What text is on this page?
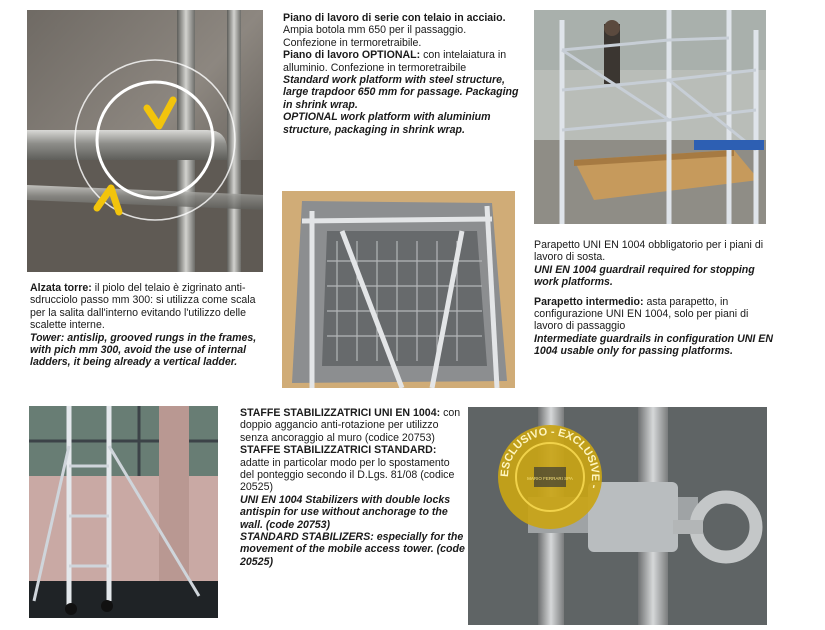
Piano di lavoro di serie con telaio in acciaio. Ampia botola mm 650 per il passaggio. Confezione in termoretraibile.

Piano di lavoro OPTIONAL: con intelaiatura in alluminio. Confezione in termoretraibile

Standard work platform with steel structure, large trapdoor 650 mm for passage. Packaging in shrink wrap.

OPTIONAL work platform with aluminium structure, packaging in shrink wrap.

Alzata torre: il piolo del telaio è zigrinato anti-sdrucciolo passo mm 300: si utilizza come scala per la salita dall'interno evitando l'utilizzo delle scalette interne.

Tower: antislip, grooved rungs in the frames, with pich mm 300, avoid the use of internal ladders, it being already a vertical ladder.

Parapetto UNI EN 1004 obbligatorio per i piani di lavoro di sosta.

UNI EN 1004 guardrail required for stopping work platforms.

Parapetto intermedio: asta parapetto, in configurazione UNI EN 1004, solo per piani di lavoro di passaggio

Intermediate guardrails in configuration UNI EN 1004 usable only for passing platforms.

STAFFE STABILIZZATRICI UNI EN 1004: con doppio aggancio anti-rotazione per utilizzo senza ancoraggio al muro (codice 20753)

STAFFE STABILIZZATRICI STANDARD: adatte in particolar modo per lo spostamento del ponteggio secondo il D.Lgs. 81/08 (codice 20525)

UNI EN 1004 Stabilizers with double locks antispin for use without anchorage to the wall. (code 20753)

STANDARD STABILIZERS: especially for the movement of the mobile access tower. (code 20525)

ESCLUSIVO - EXCLUSIVE -
MARIO FERRARI SPA
